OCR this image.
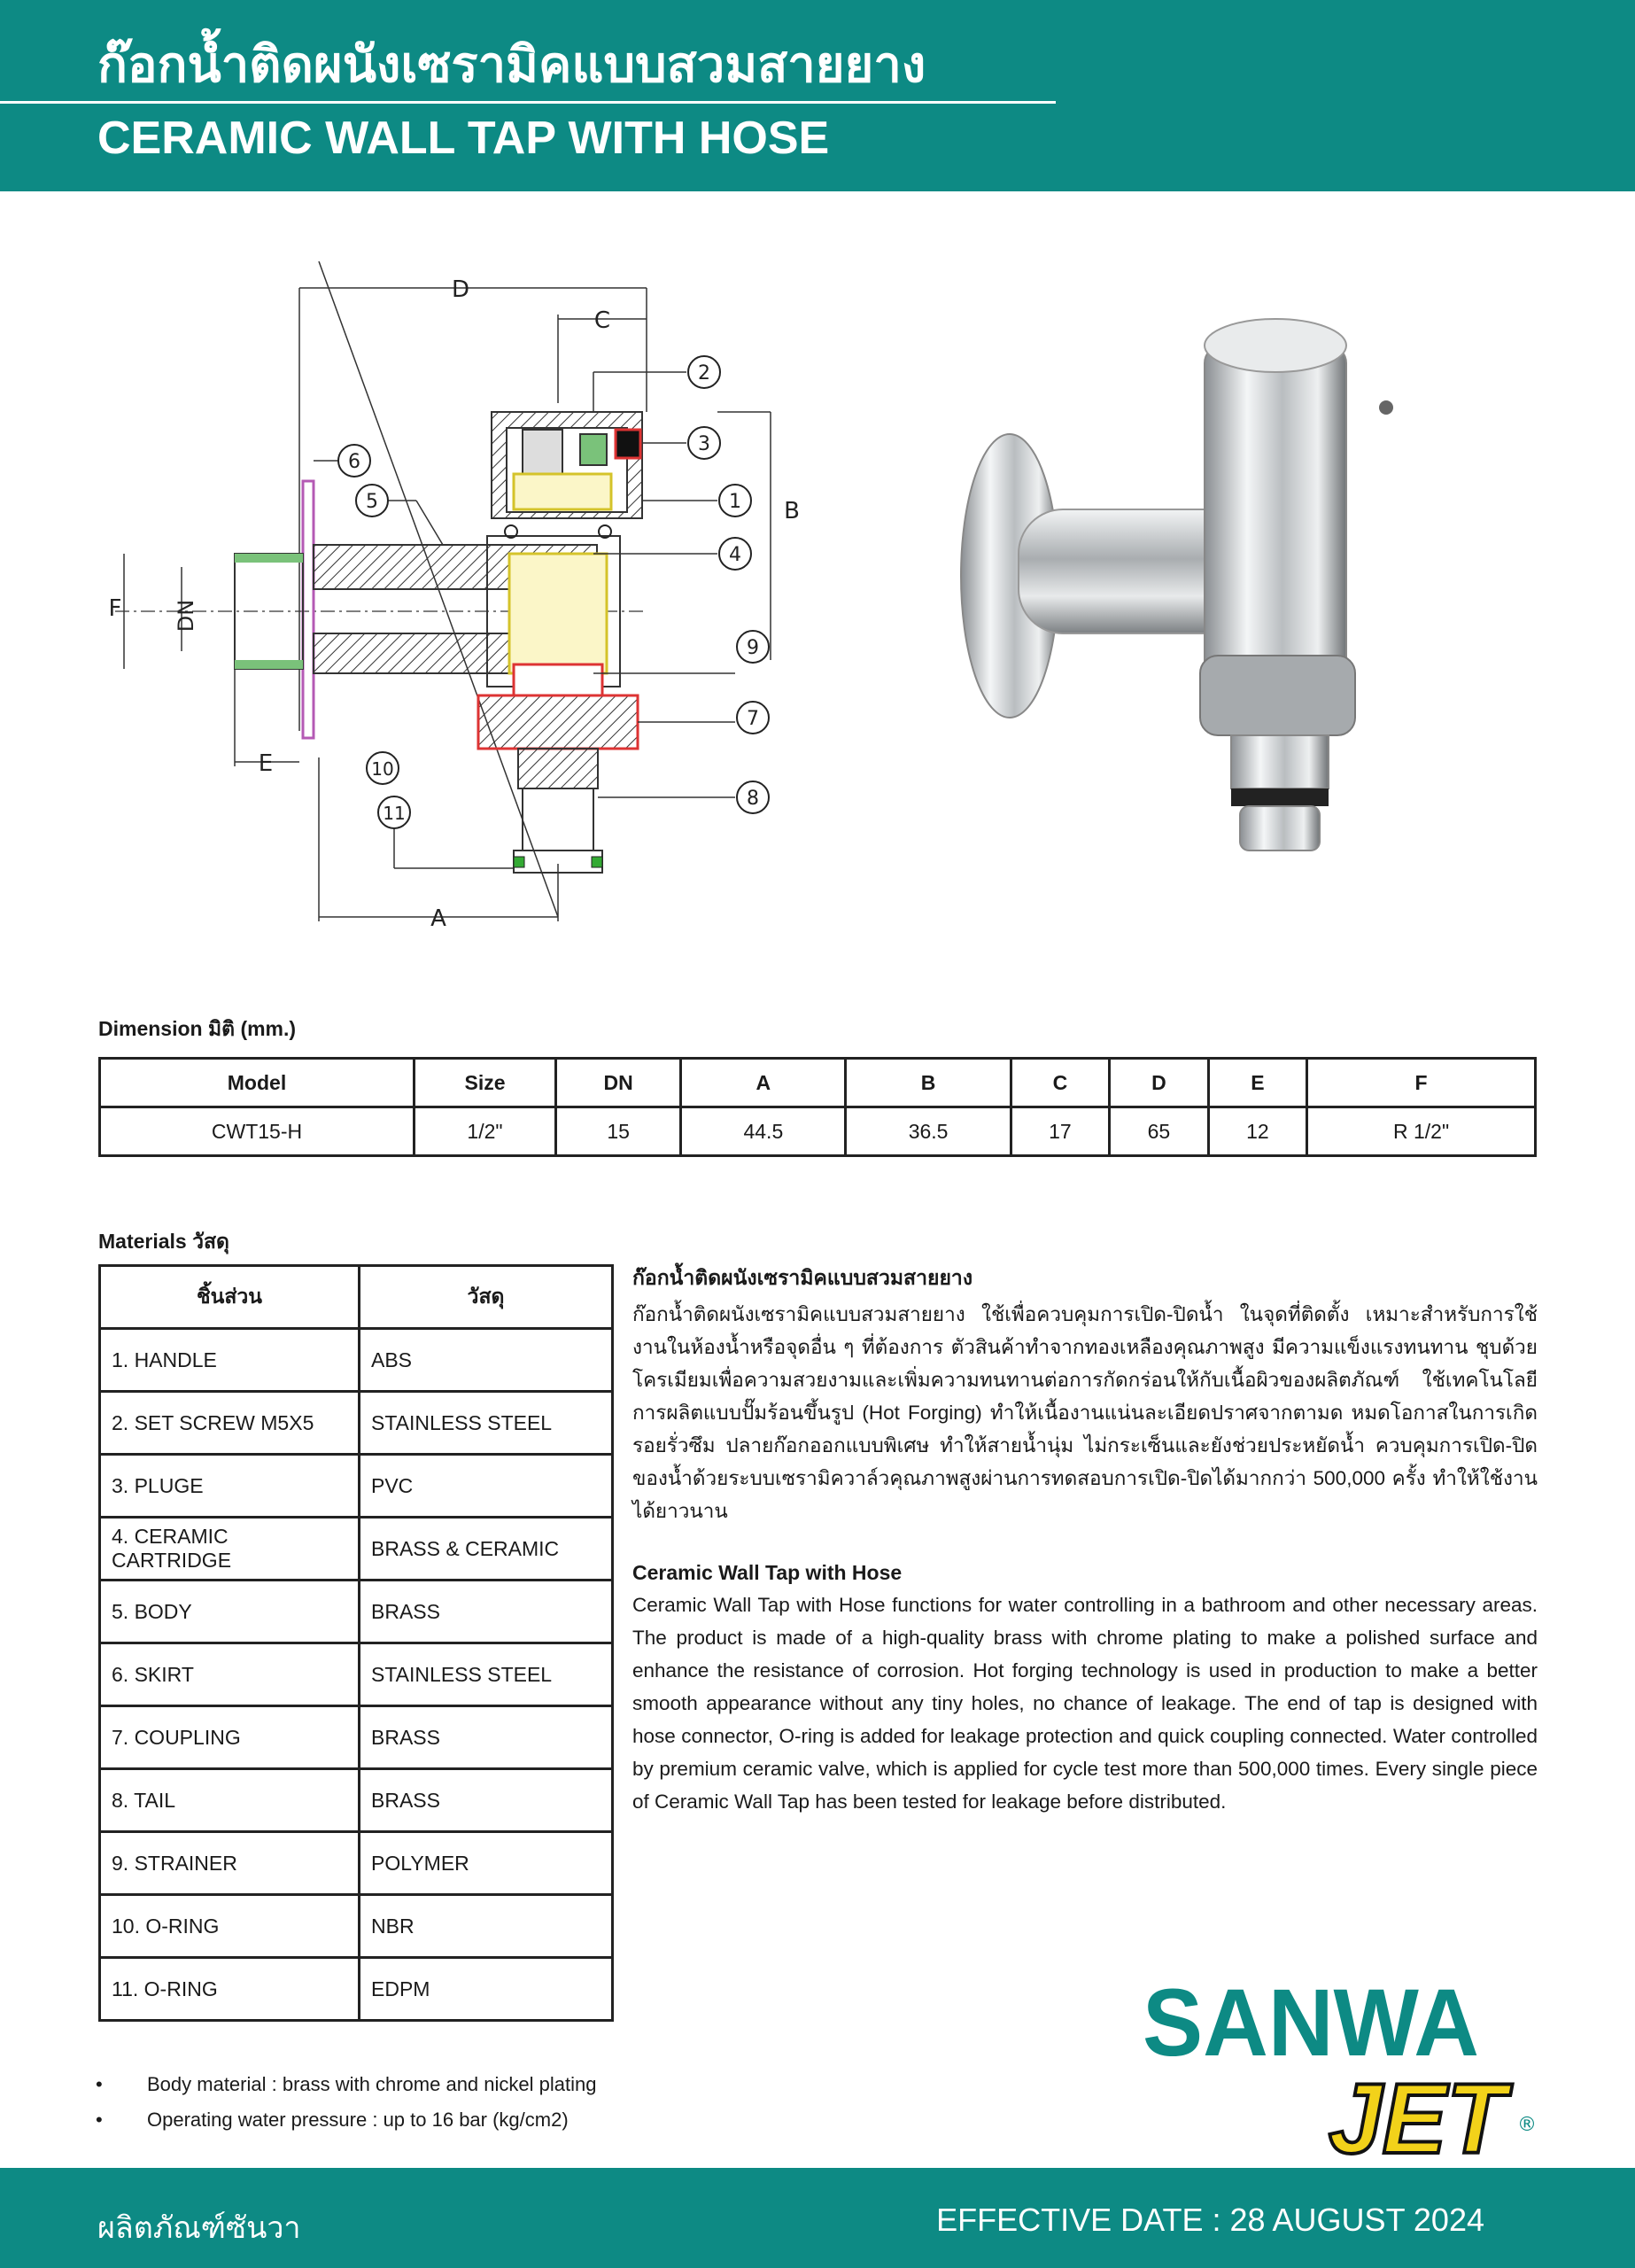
ก๊อกน้ำติดผนังเซรามิคแบบสวมสายยาง
CERAMIC WALL TAP WITH HOSE
D
C
B
A
E
F DN
2
3
1
4
5
6
7
8
9
10
11
Dimension มิติ (mm.)
Model	Size	DN	A	B	C	D	E	F
CWT15-H	1/2"	15	44.5	36.5	17	65	12	R 1/2"
Materials วัสดุ
ชิ้นส่วน	วัสดุ
1. HANDLE	ABS
2. SET SCREW M5X5	STAINLESS STEEL
3. PLUGE	PVC
4. CERAMIC CARTRIDGE	BRASS & CERAMIC
5. BODY	BRASS
6. SKIRT	STAINLESS STEEL
7. COUPLING	BRASS
8. TAIL	BRASS
9. STRAINER	POLYMER
10. O-RING	NBR
11. O-RING	EDPM
ก๊อกน้ำติดผนังเซรามิคแบบสวมสายยาง

ก๊อกน้ำติดผนังเซรามิคแบบสวมสายยาง ใช้เพื่อควบคุมการเปิด-ปิดน้ำ ในจุดที่ติดตั้ง เหมาะสำหรับการใช้งานในห้องน้ำหรือจุดอื่น ๆ ที่ต้องการ ตัวสินค้าทำจากทองเหลืองคุณภาพสูง มีความแข็งแรงทนทาน ชุบด้วยโครเมียมเพื่อความสวยงามและเพิ่มความทนทานต่อการกัดกร่อนให้กับเนื้อผิวของผลิตภัณฑ์ ใช้เทคโนโลยีการผลิตแบบปั๊มร้อนขึ้นรูป (Hot Forging) ทำให้เนื้องานแน่นละเอียดปราศจากตามด หมดโอกาสในการเกิดรอยรั่วซึม ปลายก๊อกออกแบบพิเศษ ทำให้สายน้ำนุ่ม ไม่กระเซ็นและยังช่วยประหยัดน้ำ ควบคุมการเปิด-ปิดของน้ำด้วยระบบเซรามิควาล์วคุณภาพสูงผ่านการทดสอบการเปิด-ปิดได้มากกว่า 500,000 ครั้ง ทำให้ใช้งานได้ยาวนาน

Ceramic Wall Tap with Hose

Ceramic Wall Tap with Hose functions for water controlling in a bathroom and other necessary areas. The product is made of a high-quality brass with chrome plating to make a polished surface and enhance the resistance of corrosion. Hot forging technology is used in production to make a better smooth appearance without any tiny holes, no chance of leakage. The end of tap is designed with hose connector, O-ring is added for leakage protection and quick coupling connected. Water controlled by premium ceramic valve, which is applied for cycle test more than 500,000 times. Every single piece of Ceramic Wall Tap has been tested for leakage before distributed.

• Body material : brass with chrome and nickel plating
• Operating water pressure : up to 16 bar (kg/cm2)
SANWA
JET ®
ผลิตภัณฑ์ซันวา	EFFECTIVE DATE : 28 AUGUST 2024
